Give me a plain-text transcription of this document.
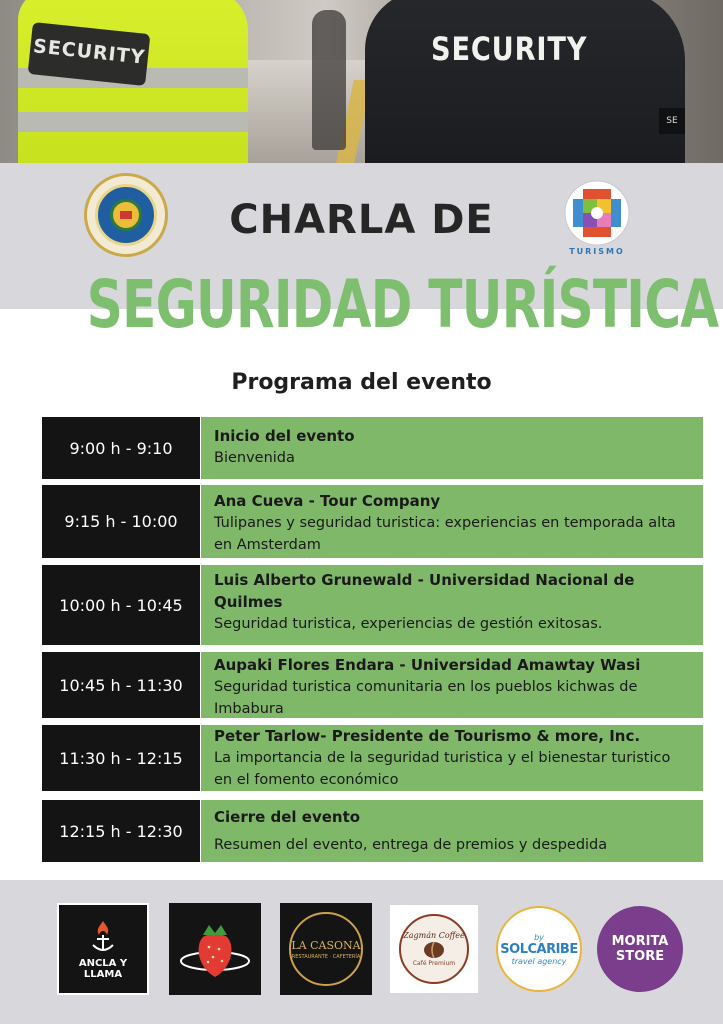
SECURITY	SECURITY
SE
TURISMO
CHARLA DE
SEGURIDAD TURÍSTICA
Programa del evento
9:00 h - 9:10
Inicio del evento
Bienvenida
9:15 h - 10:00
Ana Cueva - Tour Company
Tulipanes y seguridad turistica: experiencias en temporada alta en Amsterdam
10:00 h - 10:45
Luis Alberto Grunewald - Universidad Nacional de Quilmes
Seguridad turistica, experiencias de gestión exitosas.
10:45 h - 11:30
Aupaki Flores Endara - Universidad Amawtay Wasi
Seguridad turistica comunitaria en los pueblos kichwas de Imbabura
11:30 h - 12:15
Peter Tarlow- Presidente de Tourismo & more, Inc.
La importancia de la seguridad turistica y el bienestar turistico en el fomento económico
12:15 h - 12:30
Cierre del evento
Resumen del evento, entrega de premios y despedida
ANCLA Y
LLAMA
LA CASONA
RESTAURANTE · CAFETERÍA
Zagmán Coffee
Café Premium
by
SOLCARIBE
travel agency
MORITA
STORE
